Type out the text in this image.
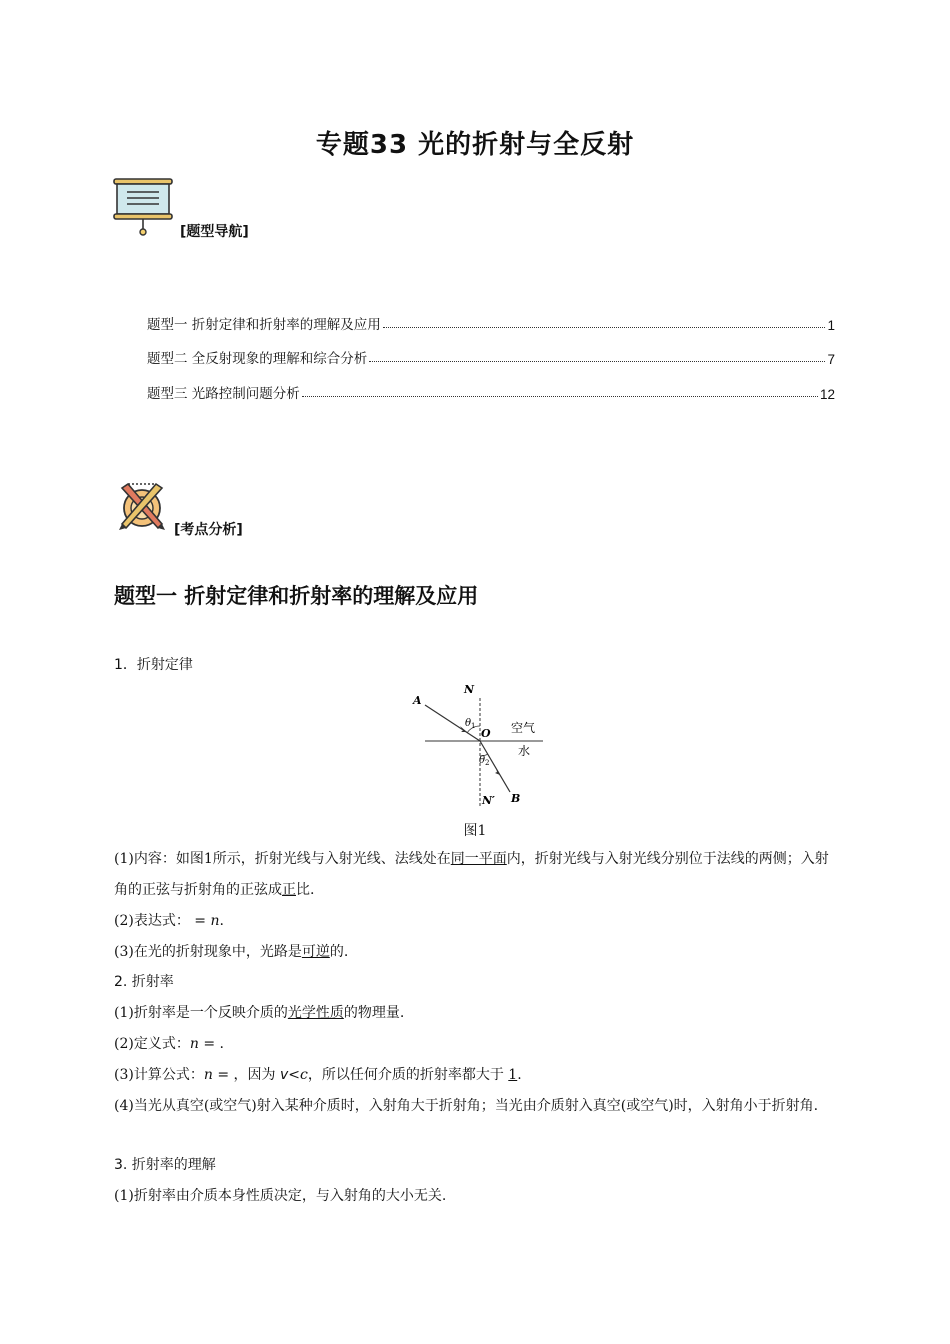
专题33 光的折射与全反射
[题型导航]
题型一 折射定律和折射率的理解及应用	1
题型二 全反射现象的理解和综合分析	7
题型三 光路控制问题分析	12
[考点分析]
题型一 折射定律和折射率的理解及应用
1．折射定律
A
N
θ 1
O 空气
水
θ 2
N′ B
图1
(1)内容：如图1所示，折射光线与入射光线、法线处在同一平面内，折射光线与入射光线分别位于法线的两侧；入射角的正弦与折射角的正弦成正比.
(2)表达式： = n.
(3)在光的折射现象中，光路是可逆的.
2. 折射率
(1)折射率是一个反映介质的光学性质的物理量.
(2)定义式：n = .
(3)计算公式：n = ，因为 v<c，所以任何介质的折射率都大于 1.
(4)当光从真空(或空气)射入某种介质时，入射角大于折射角；当光由介质射入真空(或空气)时，入射角小于折射角.
3. 折射率的理解
(1)折射率由介质本身性质决定，与入射角的大小无关.
